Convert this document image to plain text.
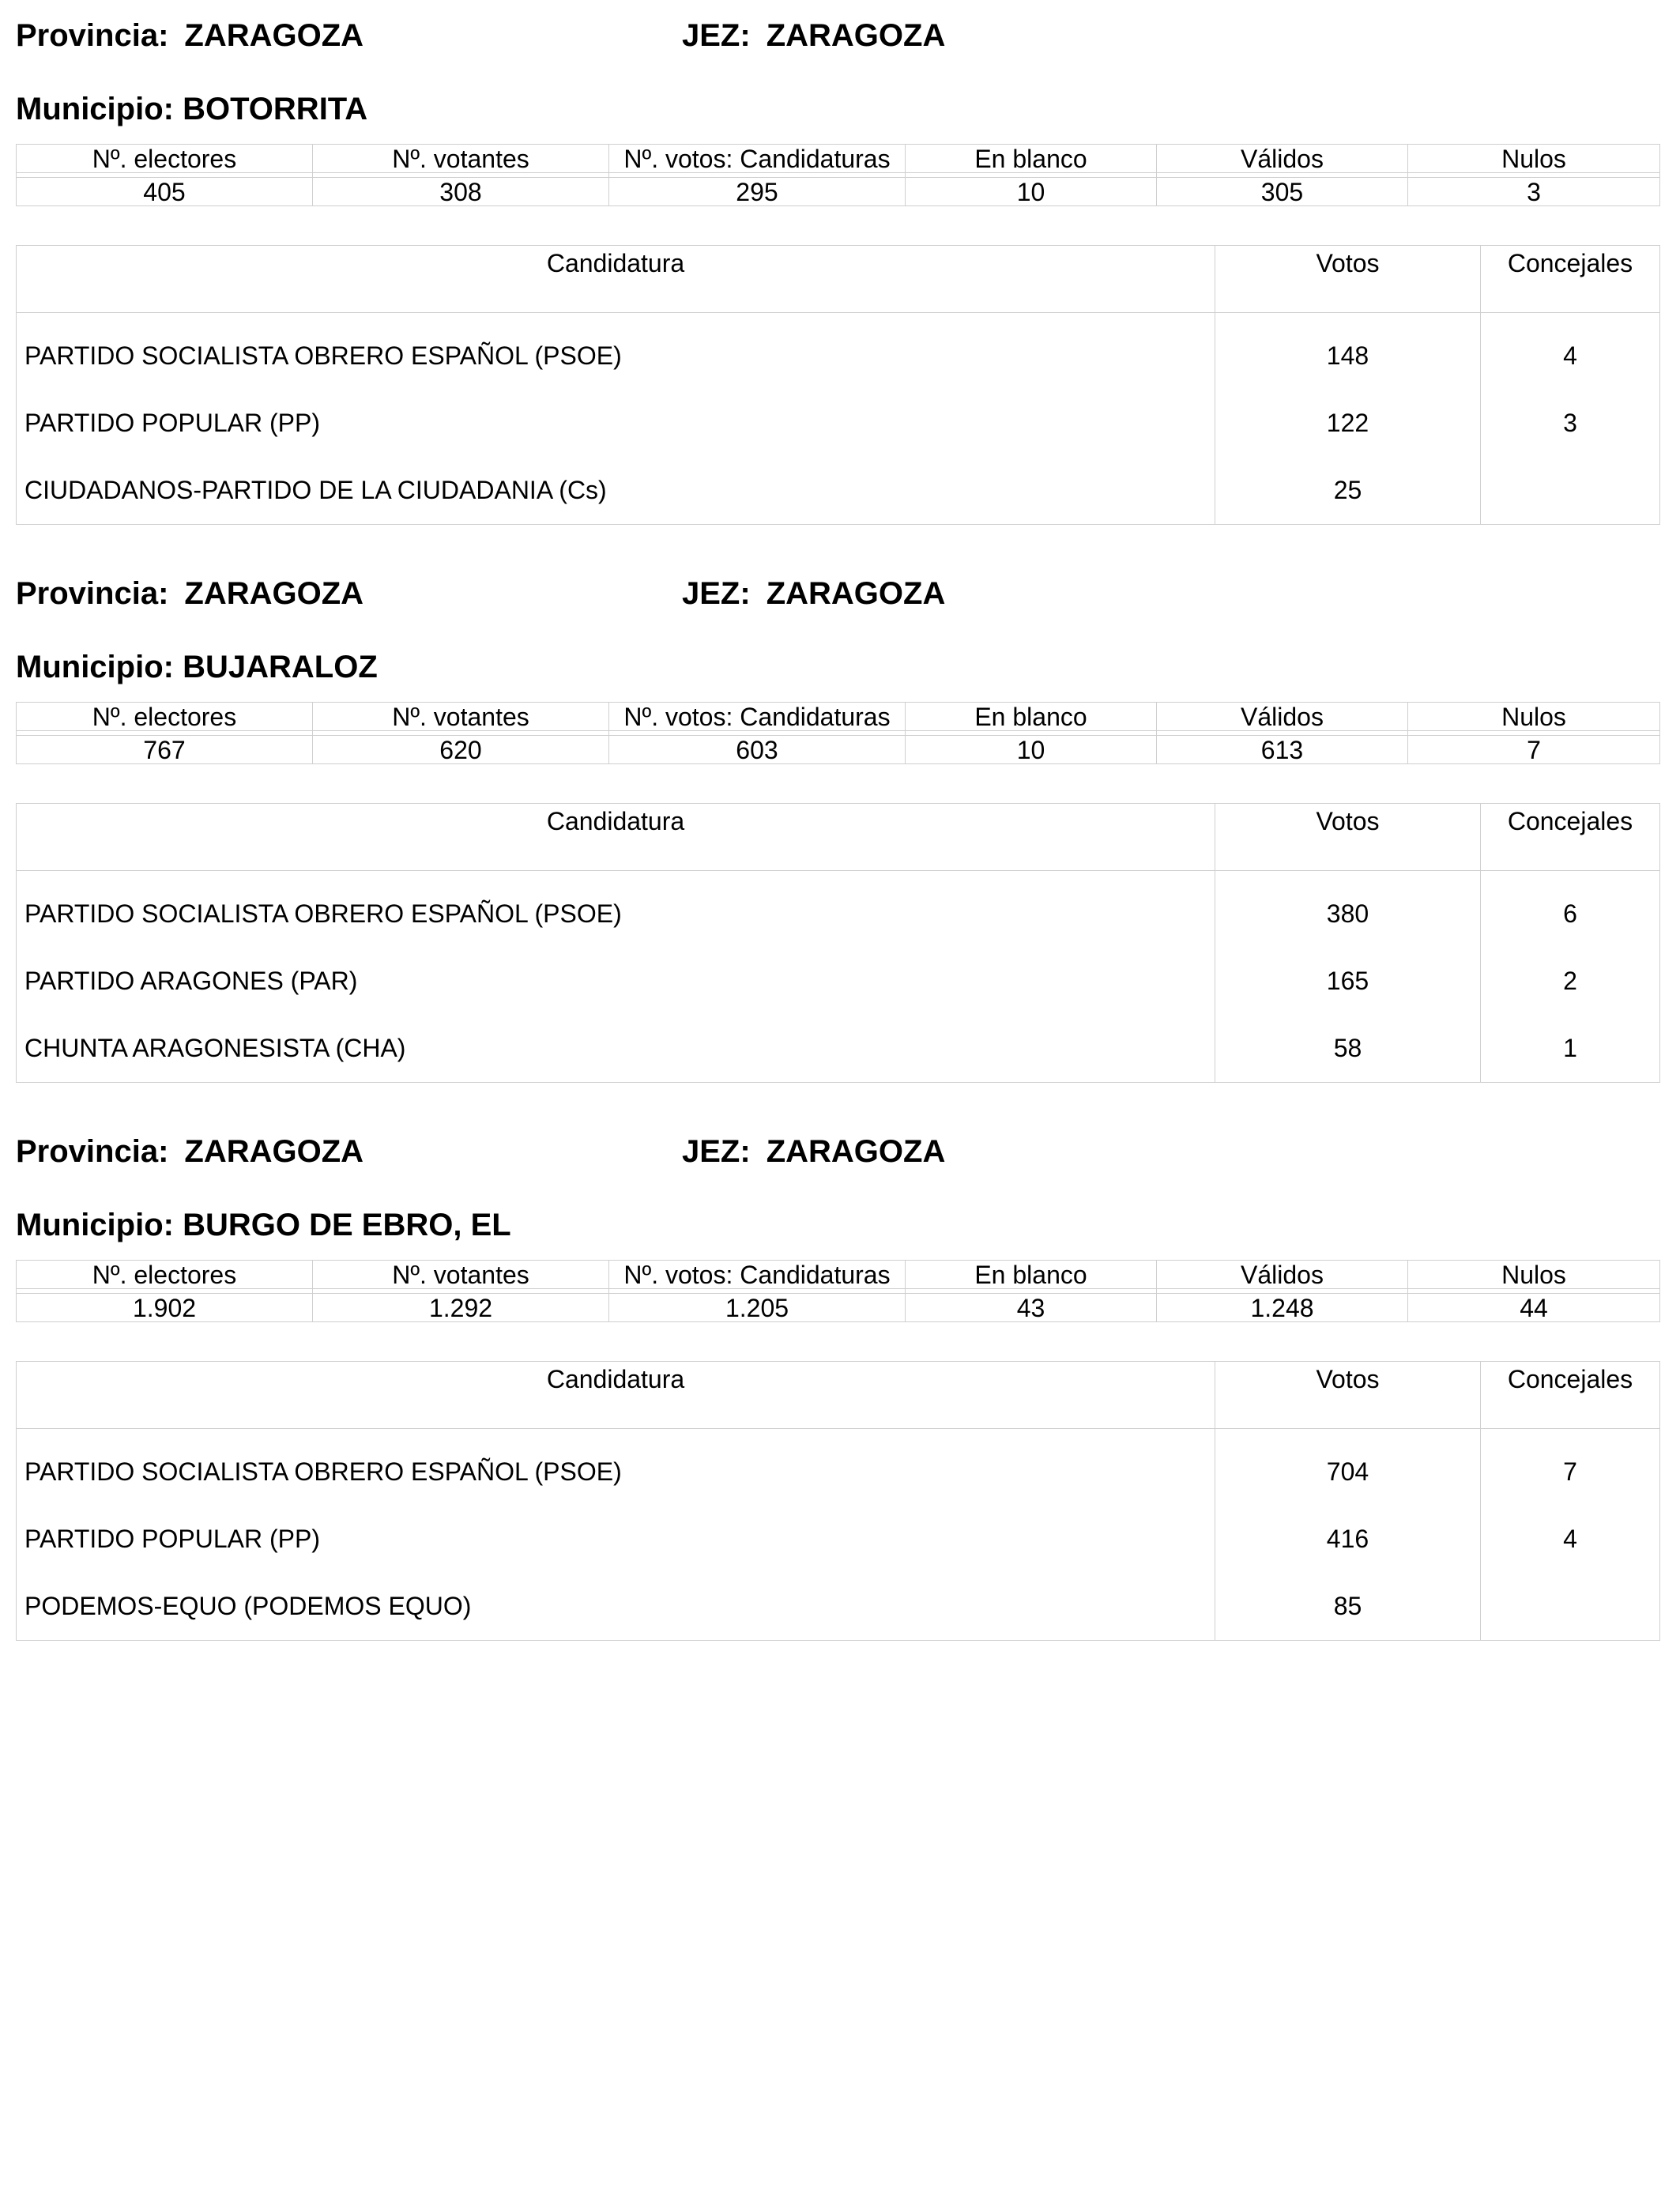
Provincia: ZARAGOZA	JEZ: ZARAGOZA
Municipio: BOTORRITA
Nº. electores	Nº. votantes	Nº. votos: Candidaturas	En blanco	Válidos	Nulos

405	308	295	10	305	3
Candidatura	Votos	Concejales
PARTIDO SOCIALISTA OBRERO ESPAÑOL (PSOE)	148	4
PARTIDO POPULAR (PP)	122	3
CIUDADANOS-PARTIDO DE LA CIUDADANIA (Cs)	25	
Provincia: ZARAGOZA	JEZ: ZARAGOZA
Municipio: BUJARALOZ
Nº. electores	Nº. votantes	Nº. votos: Candidaturas	En blanco	Válidos	Nulos

767	620	603	10	613	7
Candidatura	Votos	Concejales
PARTIDO SOCIALISTA OBRERO ESPAÑOL (PSOE)	380	6
PARTIDO ARAGONES (PAR)	165	2
CHUNTA ARAGONESISTA (CHA)	58	1
Provincia: ZARAGOZA	JEZ: ZARAGOZA
Municipio: BURGO DE EBRO, EL
Nº. electores	Nº. votantes	Nº. votos: Candidaturas	En blanco	Válidos	Nulos

1.902	1.292	1.205	43	1.248	44
Candidatura	Votos	Concejales
PARTIDO SOCIALISTA OBRERO ESPAÑOL (PSOE)	704	7
PARTIDO POPULAR (PP)	416	4
PODEMOS-EQUO (PODEMOS EQUO)	85	
